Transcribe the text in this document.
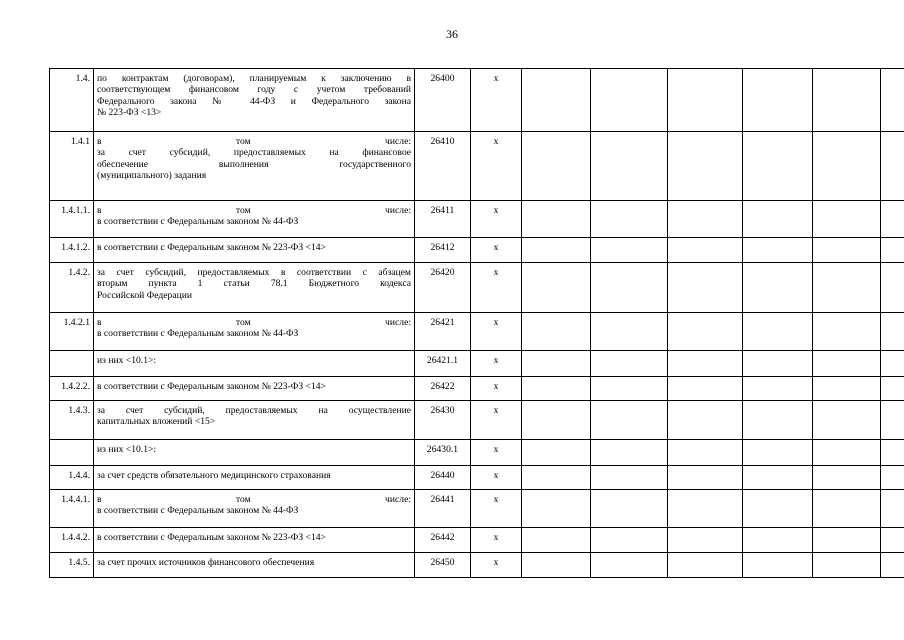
36
1.4.	по контрактам (договорам), планируемым к заключению в
соответствующем финансовом году с учетом требований
Федерального закона № 44-ФЗ и Федерального закона
№ 223-ФЗ <13>	26400	x						
1.4.1	в том числе:
за счет субсидий, предоставляемых на финансовое
обеспечение выполнения государственного
(муниципального) задания	26410	x						
1.4.1.1.	в том числе:
в соответствии с Федеральным законом № 44-ФЗ	26411	x						
1.4.1.2.	в соответствии с Федеральным законом № 223-ФЗ <14>	26412	x						
1.4.2.	за счет субсидий, предоставляемых в соответствии с абзацем
вторым пункта 1 статьи 78.1 Бюджетного кодекса
Российской Федерации	26420	x						
1.4.2.1	в том числе:
в соответствии с Федеральным законом № 44-ФЗ	26421	x						

	из них <10.1>:	26421.1	x						
1.4.2.2.	в соответствии с Федеральным законом № 223-ФЗ <14>	26422	x						
1.4.3.	за счет субсидий, предоставляемых на осуществление
капитальных вложений <15>	26430	x						

	из них <10.1>:	26430.1	x						
1.4.4.	за счет средств обязательного медицинского страхования	26440	x						
1.4.4.1.	в том числе:
в соответствии с Федеральным законом № 44-ФЗ	26441	x						
1.4.4.2.	в соответствии с Федеральным законом № 223-ФЗ <14>	26442	x						
1.4.5.	за счет прочих источников финансового обеспечения	26450	x						
